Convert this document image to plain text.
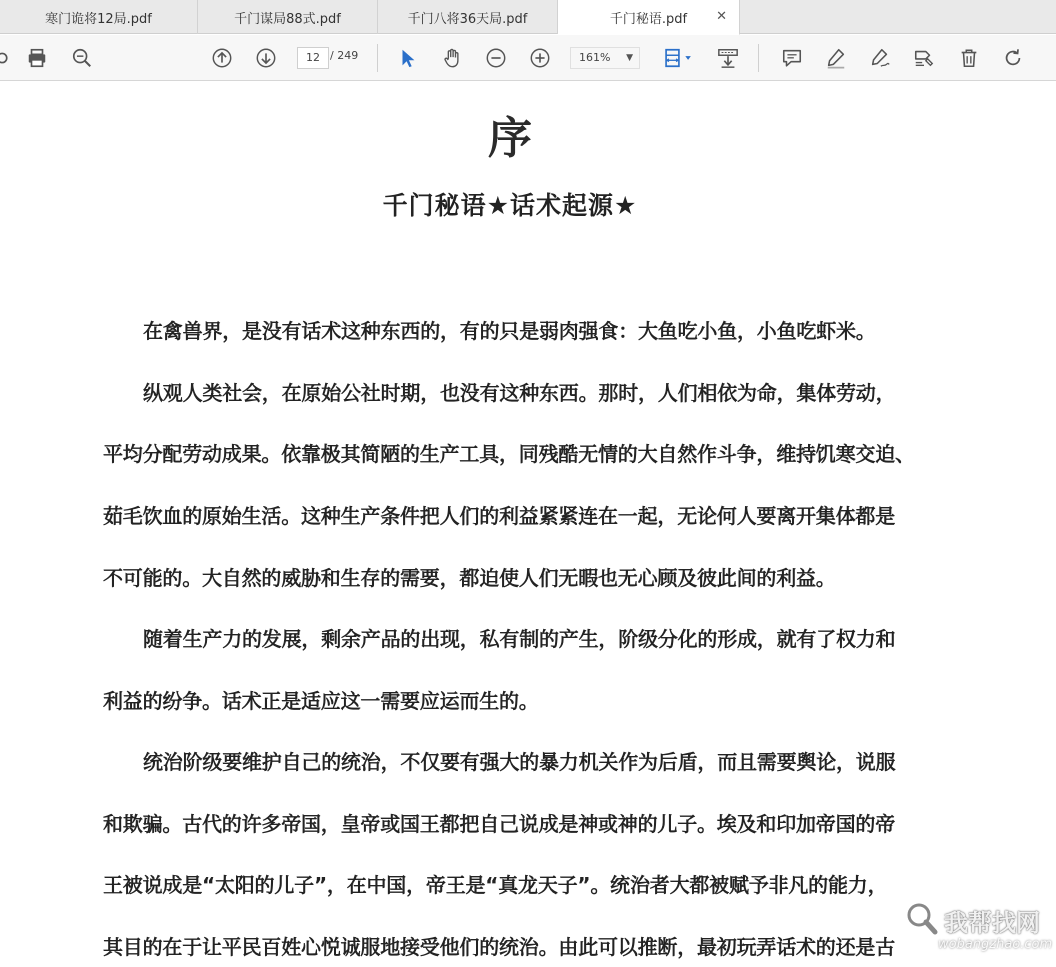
寒门诡将12局.pdf	千门谋局88式.pdf	千门八将36天局.pdf	千门秘语.pdf ✕
12 / 249	161% ▼
序
千门秘语★话术起源★
在禽兽界，是没有话术这种东西的，有的只是弱肉强食：大鱼吃小鱼，小鱼吃虾米。
纵观人类社会，在原始公社时期，也没有这种东西。那时，人们相依为命，集体劳动，
平均分配劳动成果。依靠极其简陋的生产工具，同残酷无情的大自然作斗争，维持饥寒交迫、
茹毛饮血的原始生活。这种生产条件把人们的利益紧紧连在一起，无论何人要离开集体都是
不可能的。大自然的威胁和生存的需要，都迫使人们无暇也无心顾及彼此间的利益。
随着生产力的发展，剩余产品的出现，私有制的产生，阶级分化的形成，就有了权力和
利益的纷争。话术正是适应这一需要应运而生的。
统治阶级要维护自己的统治，不仅要有强大的暴力机关作为后盾，而且需要舆论，说服
和欺骗。古代的许多帝国，皇帝或国王都把自己说成是神或神的儿子。埃及和印加帝国的帝
王被说成是“太阳的儿子”，在中国，帝王是“真龙天子”。统治者大都被赋予非凡的能力，
其目的在于让平民百姓心悦诚服地接受他们的统治。由此可以推断，最初玩弄话术的还是古
我帮找网
wobangzhao.com
